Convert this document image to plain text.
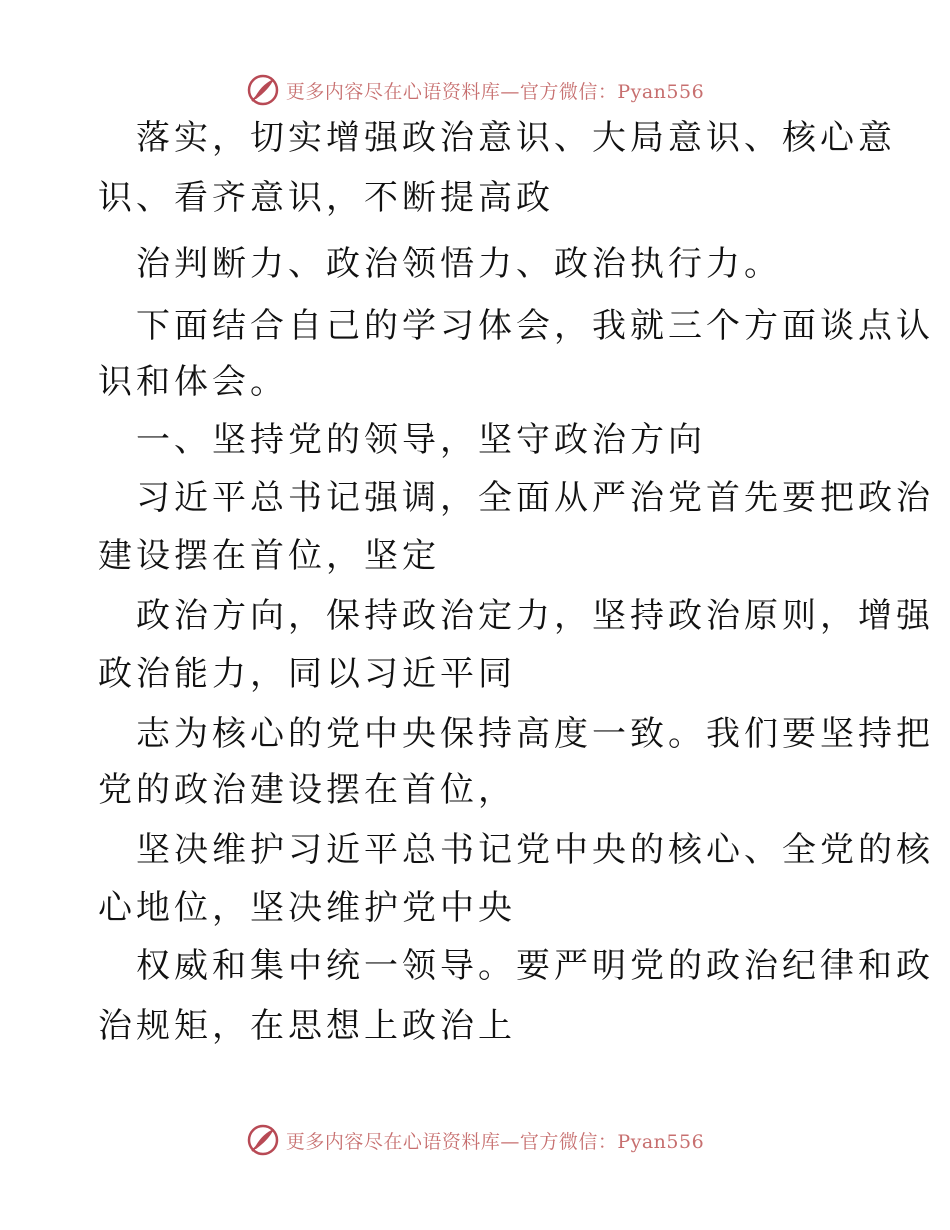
更多内容尽在心语资料库—官方微信：Pyan556
落实，切实增强政治意识、大局意识、核心意
识、看齐意识，不断提高政
治判断力、政治领悟力、政治执行力。
下面结合自己的学习体会，我就三个方面谈点认
识和体会。
一、坚持党的领导，坚守政治方向
习近平总书记强调，全面从严治党首先要把政治
建设摆在首位，坚定
政治方向，保持政治定力，坚持政治原则，增强
政治能力，同以习近平同
志为核心的党中央保持高度一致。我们要坚持把
党的政治建设摆在首位，
坚决维护习近平总书记党中央的核心、全党的核
心地位，坚决维护党中央
权威和集中统一领导。要严明党的政治纪律和政
治规矩，在思想上政治上
更多内容尽在心语资料库—官方微信：Pyan556
